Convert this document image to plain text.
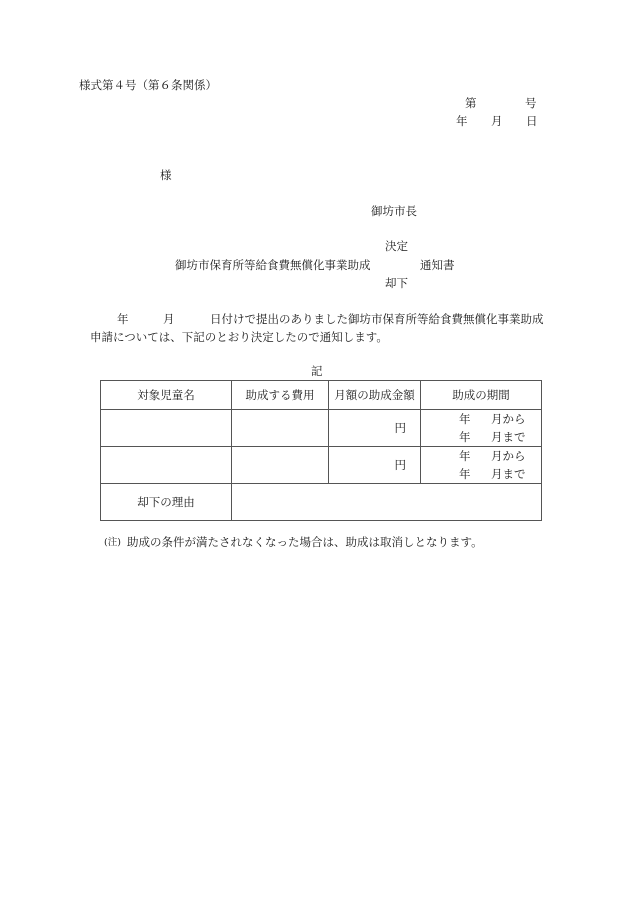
様式第４号（第６条関係）
第	号
年 月 日
様
御坊市長
決定
御坊市保育所等給食費無償化事業助成	通知書
却下
年	月	日付けで提出のありました御坊市保育所等給食費無償化事業助成
申請については、下記のとおり決定したので通知します。
記
対象児童名	助成する費用	月額の助成金額	助成の期間
		円	年 月から
年 月まで

		円	年 月から
年 月まで

却下の理由			
(注) 助成の条件が満たされなくなった場合は、助成は取消しとなります。
